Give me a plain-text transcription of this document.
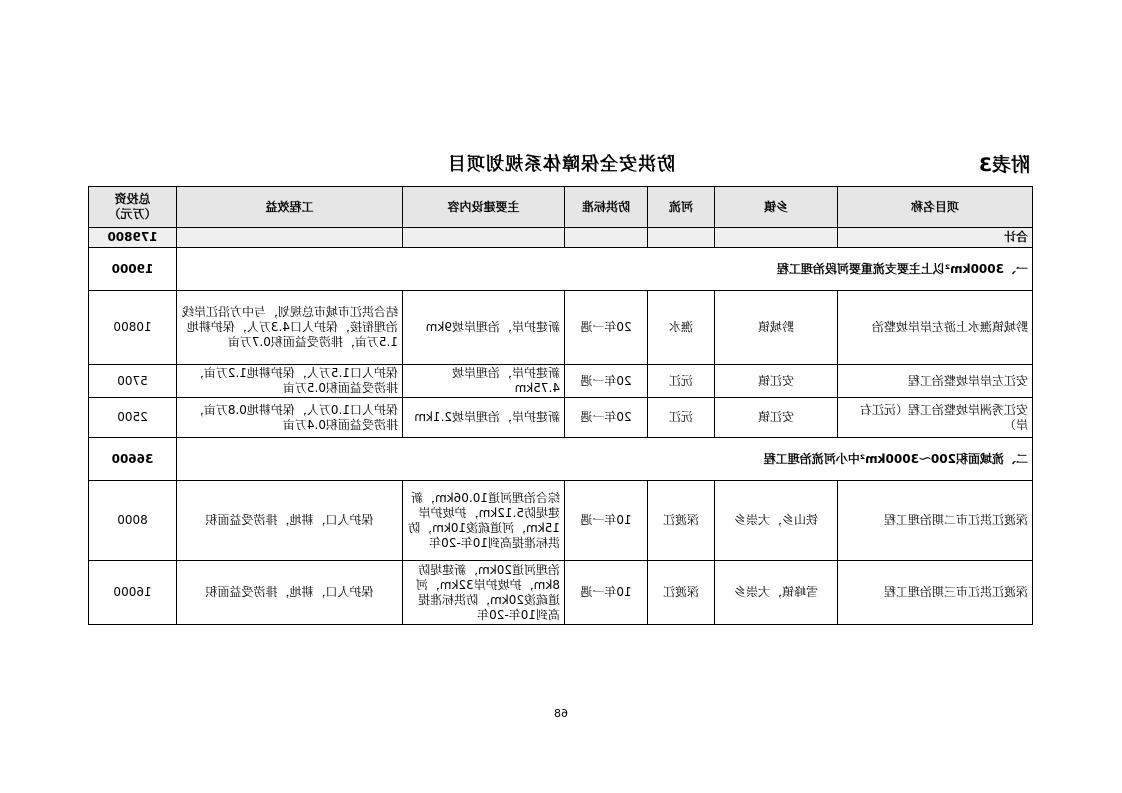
附表3
防洪安全保障体系规划项目
项目名称	乡镇	河流	防洪标准	主要建设内容	工程效益	总投资
（万元）
合计						179800
一、3000km²以上主要支流重要河段治理工程						19000
黔城镇潕水上游左岸岸坡整治	黔城镇	潕水	20年一遇	新建护岸，治理岸坡9km	结合洪江市城市总规划，与中方沿江岸线治理衔接，保护人口4.3万人，保护耕地1.5万亩，排涝受益面积0.7万亩	10800
安江左岸岸坡整治工程	安江镇	沅江	20年一遇	新建护岸，治理岸坡4.75km	保护人口1.5万人，保护耕地1.2万亩，排涝受益面积0.5万亩	5700
安江秀洲岸坡整治工程（沅江右岸）	安江镇	沅江	20年一遇	新建护岸，治理岸坡2.1km	保护人口1.0万人，保护耕地0.8万亩，排涝受益面积0.4万亩	2500
二、流域面积200～3000km²中小河流治理工程						36600
深渡江洪江市二期治理工程	铁山乡，大崇乡	深渡江	10年一遇	综合治理河道10.06km，新建堤防5.12km，护坡护岸15km，河道疏浚10km，防洪标准提高到10年-20年	保护人口，耕地，排涝受益面积	8000
深渡江洪江市三期治理工程	雪峰镇，大崇乡	深渡江	10年一遇	治理河道20km，新建堤防8km，护坡护岸32km，河道疏浚20km，防洪标准提高到10年-20年	保护人口，耕地，排涝受益面积	16000
68
